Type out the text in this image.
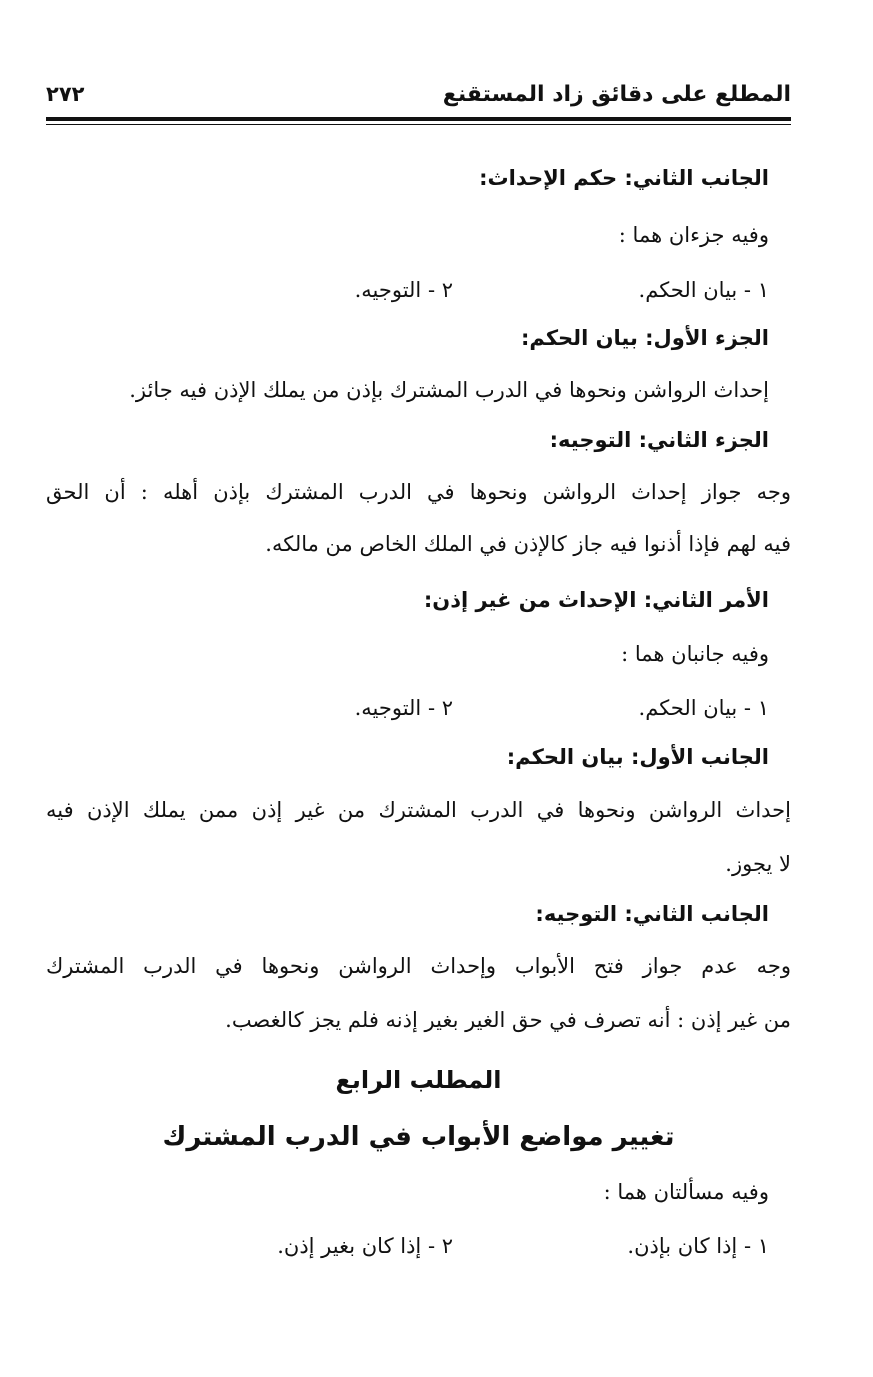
المطلع على دقائق زاد المستقنع
٢٧٢
الجانب الثاني: حكم الإحداث:
وفيه جزءان هما :
١ - بيان الحكم.
٢ - التوجيه.
الجزء الأول: بيان الحكم:
إحداث الرواشن ونحوها في الدرب المشترك بإذن من يملك الإذن فيه جائز.
الجزء الثاني: التوجيه:
وجه جواز إحداث الرواشن ونحوها في الدرب المشترك بإذن أهله : أن الحق
فيه لهم فإذا أذنوا فيه جاز كالإذن في الملك الخاص من مالكه.
الأمر الثاني: الإحداث من غير إذن:
وفيه جانبان هما :
١ - بيان الحكم.
٢ - التوجيه.
الجانب الأول: بيان الحكم:
إحداث الرواشن ونحوها في الدرب المشترك من غير إذن ممن يملك الإذن فيه
لا يجوز.
الجانب الثاني: التوجيه:
وجه عدم جواز فتح الأبواب وإحداث الرواشن ونحوها في الدرب المشترك
من غير إذن : أنه تصرف في حق الغير بغير إذنه فلم يجز كالغصب.
المطلب الرابع
تغيير مواضع الأبواب في الدرب المشترك
وفيه مسألتان هما :
١ - إذا كان بإذن.
٢ - إذا كان بغير إذن.
